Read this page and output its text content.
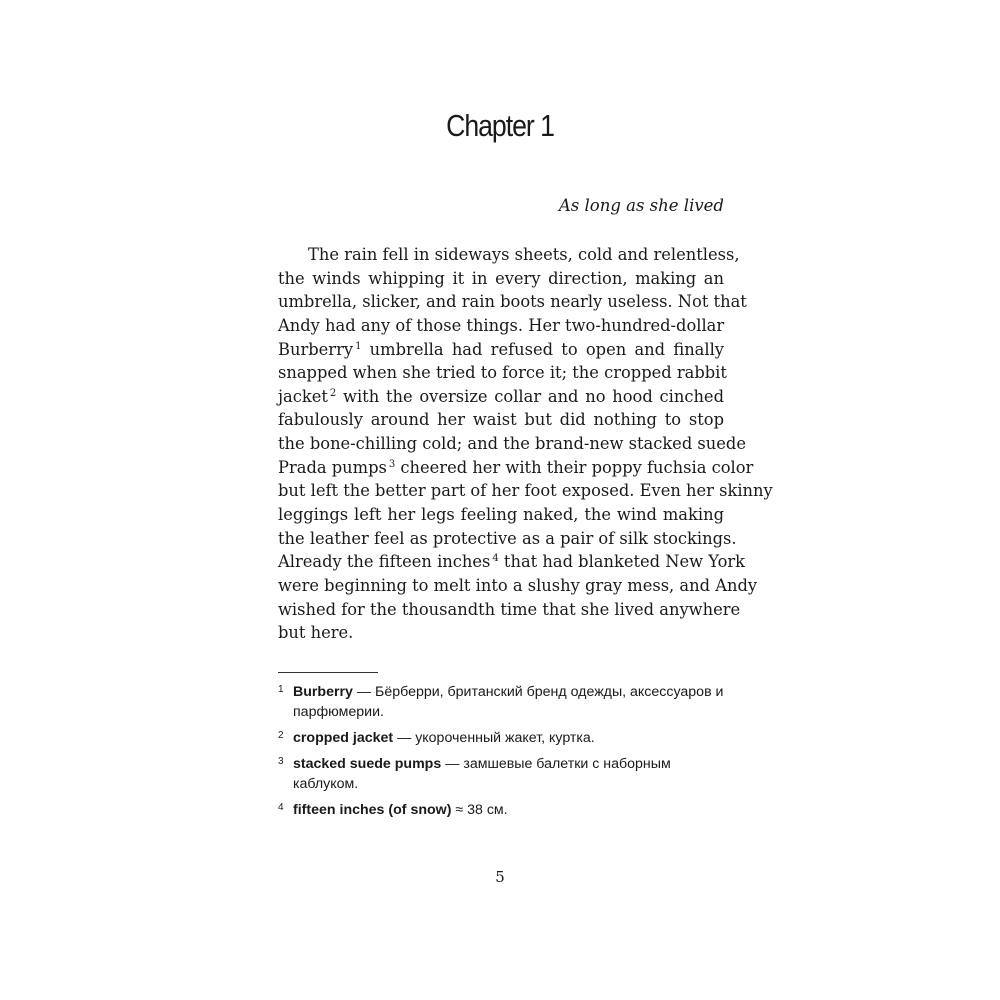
Chapter 1
As long as she lived
The rain fell in sideways sheets, cold and relentless,
the winds whipping it in every direction, making an
umbrella, slicker, and rain boots nearly useless. Not that
Andy had any of those things. Her two-hundred-dollar
Burberry $^1$ umbrella had refused to open and finally
snapped when she tried to force it; the cropped rabbit
jacket $^2$ with the oversize collar and no hood cinched
fabulously around her waist but did nothing to stop
the bone-chilling cold; and the brand-new stacked suede
Prada pumps $^3$ cheered her with their poppy fuchsia color
but left the better part of her foot exposed. Even her skinny
leggings left her legs feeling naked, the wind making
the leather feel as protective as a pair of silk stockings.
Already the fifteen inches $^4$ that had blanketed New York
were beginning to melt into a slushy gray mess, and Andy
wished for the thousandth time that she lived anywhere
but here.
1 Burberry — Бёрберри, британский бренд одежды, аксессуаров и парфюмерии.
2 cropped jacket — укороченный жакет, куртка.
3 stacked suede pumps — замшевые балетки с наборным каблуком.
4 fifteen inches (of snow) ≈ 38 см.
5
